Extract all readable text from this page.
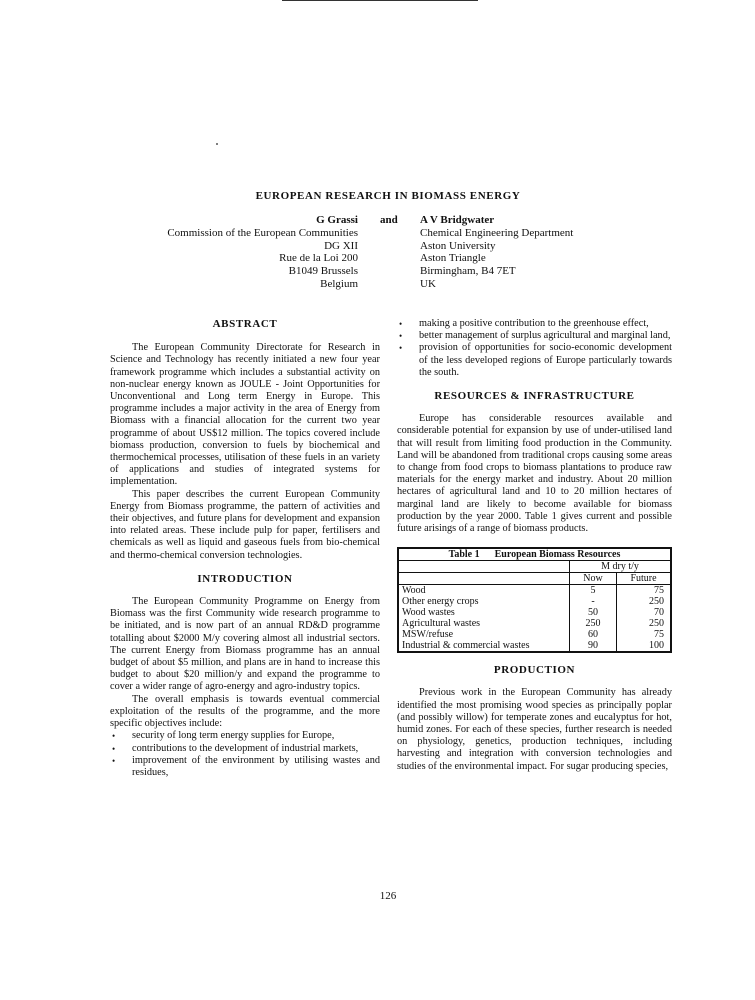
EUROPEAN RESEARCH IN BIOMASS ENERGY
G Grassi
Commission of the European Communities
DG XII
Rue de la Loi 200
B1049 Brussels
Belgium
and A V Bridgwater
Chemical Engineering Department
Aston University
Aston Triangle
Birmingham, B4 7ET
UK
ABSTRACT

The European Community Directorate for Research in Science and Technology has recently initiated a new four year framework programme which includes a substantial activity on non-nuclear energy known as JOULE - Joint Opportunities for Unconventional and Long term Energy in Europe. This programme includes a major activity in the area of Energy from Biomass with a financial allocation for the current two year programme of about US$12 million. The topics covered include biomass production, conversion to fuels by biochemical and thermochemical processes, utilisation of these fuels in an variety of applications and studies of integrated systems for implementation.

This paper describes the current European Community Energy from Biomass programme, the pattern of activities and their objectives, and future plans for development and expansion into related areas. These include pulp for paper, fertilisers and chemicals as well as liquid and gaseous fuels from bio-chemical and thermo-chemical conversion technologies.

INTRODUCTION

The European Community Programme on Energy from Biomass was the first Community wide research programme to be initiated, and is now part of an annual RD&D programme totalling about $2000 M/y covering almost all industrial sectors. The current Energy from Biomass programme has an annual budget of about $5 million, and plans are in hand to increase this budget to about $20 million/y and expand the programme to cover a wider range of agro-energy and agro-industry topics.

The overall emphasis is towards eventual commercial exploitation of the results of the programme, and the more specific objectives include:

• security of long term energy supplies for Europe,
• contributions to the development of industrial markets,
• improvement of the environment by utilising wastes and residues,
• making a positive contribution to the greenhouse effect,
• better management of surplus agricultural and marginal land,
• provision of opportunities for socio-economic development of the less developed regions of Europe particularly towards the south.
RESOURCES & INFRASTRUCTURE

Europe has considerable resources available and considerable potential for expansion by use of under-utilised land that will result from limiting food production in the Community. Land will be abandoned from traditional crops causing some areas to change from food crops to biomass plantations to produce raw materials for the energy market and industry. About 20 million hectares of agricultural land and 10 to 20 million hectares of marginal land are likely to become available for biomass production by the year 2000. Table 1 gives current and possible future arisings of a range of biomass products.

Table 1      European Biomass Resources		
	M dry t/y	
	Now	Future
Wood	5	75
Other energy crops	-	250
Wood wastes	50	70
Agricultural wastes	250	250
MSW/refuse	60	75
Industrial & commercial wastes	90	100
PRODUCTION

Previous work in the European Community has already identified the most promising wood species as principally poplar (and possibly willow) for temperate zones and eucalyptus for hot, humid zones. For each of these species, further research is needed on physiology, genetics, production techniques, including harvesting and integration with conversion technologies and studies of the environmental impact. For sugar producing species,

126
